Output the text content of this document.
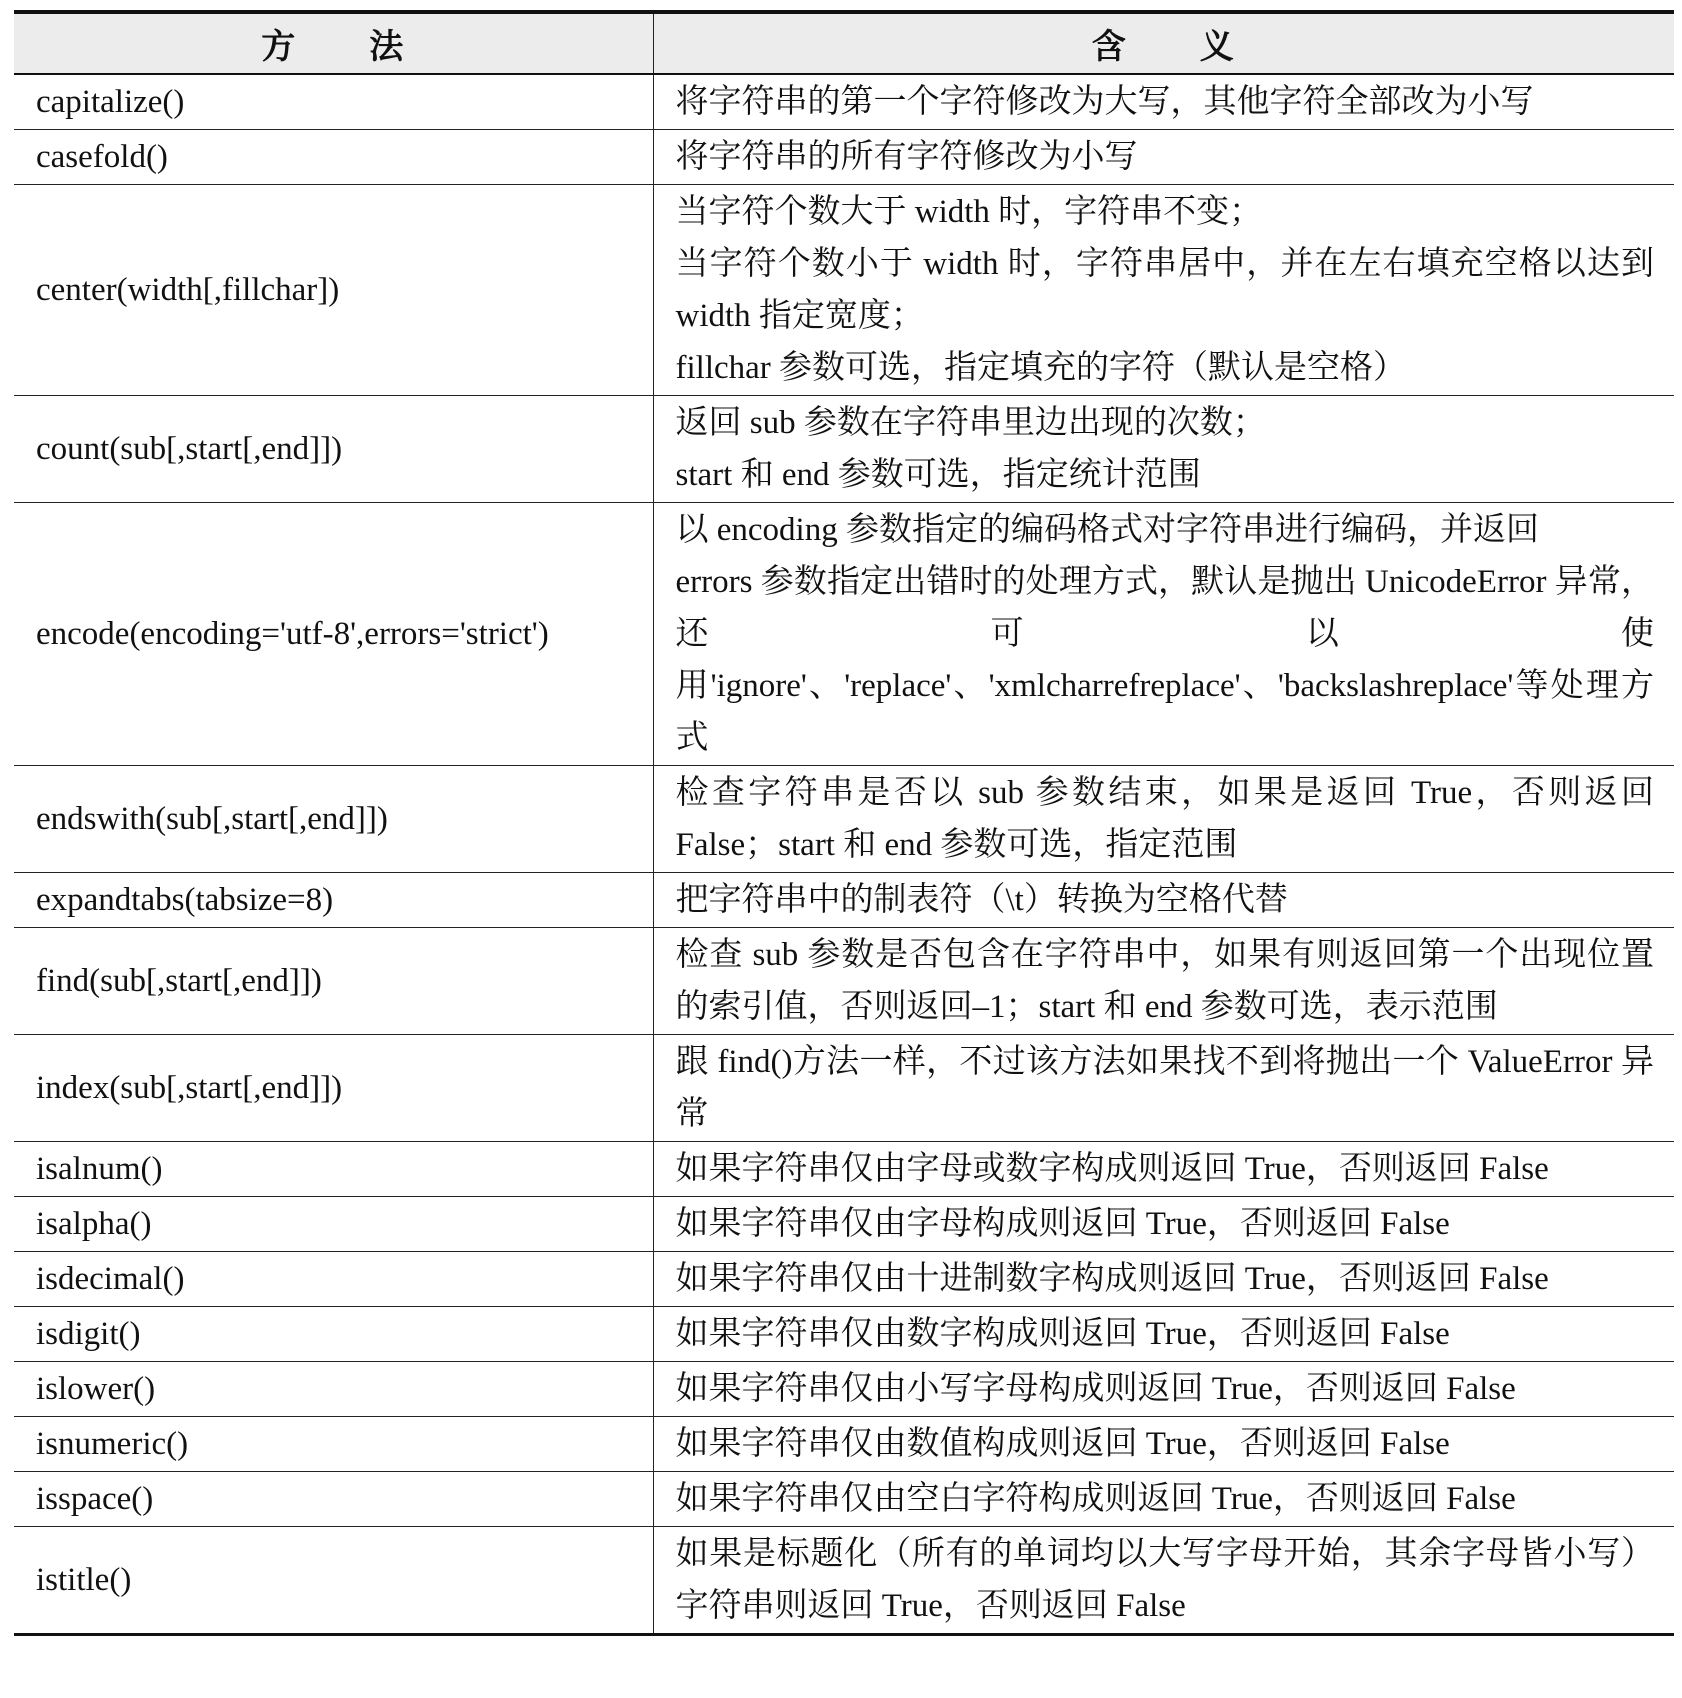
方  法	含  义
capitalize()	将字符串的第一个字符修改为大写，其他字符全部改为小写

casefold()	将字符串的所有字符修改为小写

center(width[,fillchar])	当字符个数大于 width 时，字符串不变；
当字符个数小于 width 时，字符串居中，并在左右填充空格以达到 width 指定宽度；
fillchar 参数可选，指定填充的字符（默认是空格）

count(sub[,start[,end]])	返回 sub 参数在字符串里边出现的次数；
start 和 end 参数可选，指定统计范围

encode(encoding='utf-8',errors='strict')	以 encoding 参数指定的编码格式对字符串进行编码，并返回
errors 参数指定出错时的处理方式，默认是抛出 UnicodeError 异常，还可以使用'ignore'、'replace'、'xmlcharrefreplace'、'backslashreplace'等处理方式

endswith(sub[,start[,end]])	检查字符串是否以 sub 参数结束，如果是返回 True，否则返回 False；start 和 end 参数可选，指定范围

expandtabs(tabsize=8)	把字符串中的制表符（\t）转换为空格代替

find(sub[,start[,end]])	检查 sub 参数是否包含在字符串中，如果有则返回第一个出现位置的索引值，否则返回–1；start 和 end 参数可选，表示范围

index(sub[,start[,end]])	跟 find()方法一样，不过该方法如果找不到将抛出一个 ValueError 异常

isalnum()	如果字符串仅由字母或数字构成则返回 True，否则返回 False

isalpha()	如果字符串仅由字母构成则返回 True，否则返回 False

isdecimal()	如果字符串仅由十进制数字构成则返回 True，否则返回 False

isdigit()	如果字符串仅由数字构成则返回 True，否则返回 False

islower()	如果字符串仅由小写字母构成则返回 True，否则返回 False

isnumeric()	如果字符串仅由数值构成则返回 True，否则返回 False

isspace()	如果字符串仅由空白字符构成则返回 True，否则返回 False

istitle()	如果是标题化（所有的单词均以大写字母开始，其余字母皆小写）字符串则返回 True，否则返回 False
